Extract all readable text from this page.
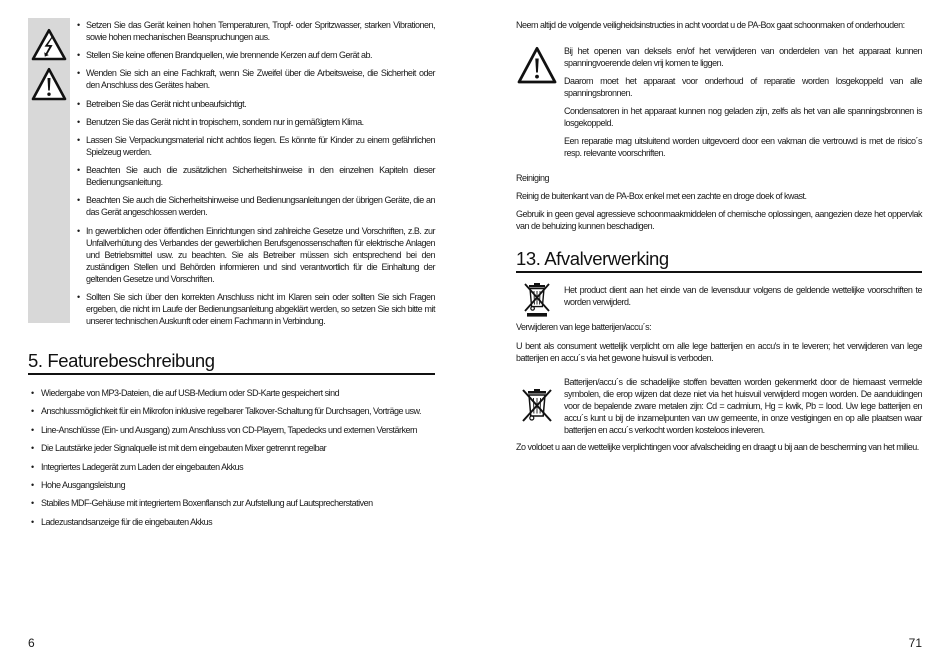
• Setzen Sie das Gerät keinen hohen Temperaturen, Tropf- oder Spritzwasser, starken Vibrationen, sowie hohen mechanischen Beanspruchungen aus.
• Stellen Sie keine offenen Brandquellen, wie brennende Kerzen auf dem Gerät ab.
• Wenden Sie sich an eine Fachkraft, wenn Sie Zweifel über die Arbeitsweise, die Sicherheit oder den Anschluss des Gerätes haben.
• Betreiben Sie das Gerät nicht unbeaufsichtigt.
• Benutzen Sie das Gerät nicht in tropischem, sondern nur in gemäßigtem Klima.
• Lassen Sie Verpackungsmaterial nicht achtlos liegen. Es könnte für Kinder zu einem gefährlichen Spielzeug werden.
• Beachten Sie auch die zusätzlichen Sicherheitshinweise in den einzelnen Kapiteln dieser Bedienungsanleitung.
• Beachten Sie auch die Sicherheitshinweise und Bedienungsanleitungen der übrigen Geräte, die an das Gerät angeschlossen werden.
• In gewerblichen oder öffentlichen Einrichtungen sind zahlreiche Gesetze und Vorschriften, z.B. zur Unfallverhütung des Verbandes der gewerblichen Berufsgenossenschaften für elektrische Anlagen und Betriebsmittel usw. zu beachten. Sie als Betreiber müssen sich entsprechend bei den zuständigen Stellen und Behörden informieren und sind verantwortlich für die Einhaltung der geltenden Gesetze und Vorschriften.
• Sollten Sie sich über den korrekten Anschluss nicht im Klaren sein oder sollten Sie sich Fragen ergeben, die nicht im Laufe der Bedienungsanleitung abgeklärt werden, so setzen Sie sich bitte mit unserer technischen Auskunft oder einem Fachmann in Verbindung.
5. Featurebeschreibung
• Wiedergabe von MP3-Dateien, die auf USB-Medium oder SD-Karte gespeichert sind
• Anschlussmöglichkeit für ein Mikrofon inklusive regelbarer Talkover-Schaltung für Durchsagen, Vorträge usw.
• Line-Anschlüsse (Ein- und Ausgang) zum Anschluss von CD-Playern, Tapedecks und externen Verstärkern
• Die Lautstärke jeder Signalquelle ist mit dem eingebauten Mixer getrennt regelbar
• Integriertes Ladegerät zum Laden der eingebauten Akkus
• Hohe Ausgangsleistung
• Stabiles MDF-Gehäuse mit integriertem Boxenflansch zur Aufstellung auf Lautsprecherstativen
• Ladezustandsanzeige für die eingebauten Akkus
6

Neem altijd de volgende veiligheidsinstructies in acht voordat u de PA-Box gaat schoonmaken of onderhouden:

Bij het openen van deksels en/of het verwijderen van onderdelen van het apparaat kunnen spanningvoerende delen vrij komen te liggen.

Daarom moet het apparaat voor onderhoud of reparatie worden losgekoppeld van alle spanningsbronnen.

Condensatoren in het apparaat kunnen nog geladen zijn, zelfs als het van alle spanningsbronnen is losgekoppeld.

Een reparatie mag uitsluitend worden uitgevoerd door een vakman die vertrouwd is met de risico´s resp. relevante voorschriften.

Reiniging

Reinig de buitenkant van de PA-Box enkel met een zachte en droge doek of kwast.

Gebruik in geen geval agressieve schoonmaakmiddelen of chemische oplossingen, aangezien deze het oppervlak van de behuizing kunnen beschadigen.

13. Afvalverwerking

Het product dient aan het einde van de levensduur volgens de geldende wettelijke voorschriften te worden verwijderd.

Verwijderen van lege batterijen/accu´s:

U bent als consument wettelijk verplicht om alle lege batterijen en accu's in te leveren; het verwijderen van lege batterijen en accu´s via het gewone huisvuil is verboden.

Batterijen/accu´s die schadelijke stoffen bevatten worden gekenmerkt door de hiernaast vermelde symbolen, die erop wijzen dat deze niet via het huisvuil verwijderd mogen worden. De aanduidingen voor de bepalende zware metalen zijn: Cd = cadmium, Hg = kwik, Pb = lood. Uw lege batterijen en accu´s kunt u bij de inzamelpunten van uw gemeente, in onze vestigingen en op alle plaatsen waar batterijen en accu´s verkocht worden kosteloos inleveren.

Zo voldoet u aan de wettelijke verplichtingen voor afvalscheiding en draagt u bij aan de bescherming van het milieu.

71
